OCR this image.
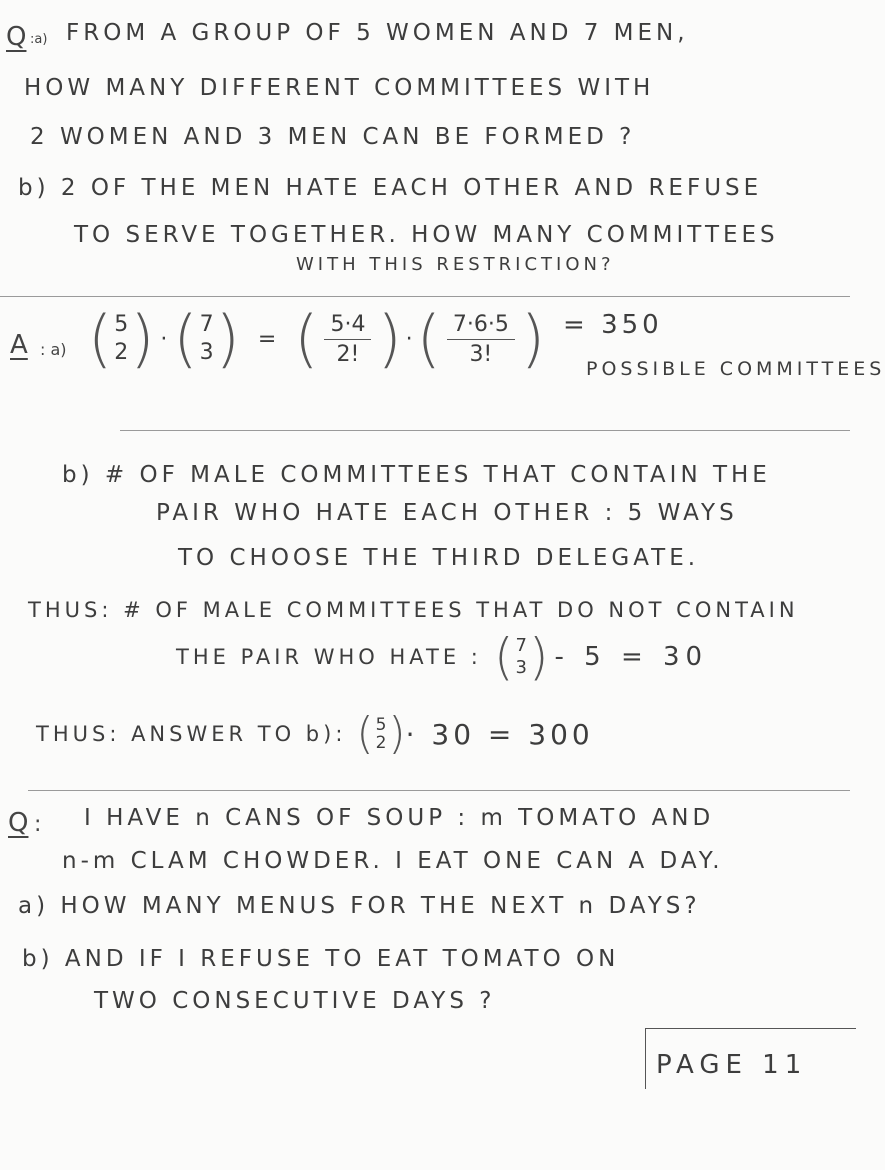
Q :a) FROM A GROUP OF 5 WOMEN AND 7 MEN,
HOW MANY DIFFERENT COMMITTEES WITH
2 WOMEN AND 3 MEN CAN BE FORMED ?
b) 2 OF THE MEN HATE EACH OTHER AND REFUSE
TO SERVE TOGETHER. HOW MANY COMMITTEES
WITH THIS RESTRICTION?
A : a) ( 5
2 ) · ( 7
3 ) = ( $\frac{5\cdot 4}{2!}$ ) · ( $\frac{7\cdot 6\cdot 5}{3!}$ ) = 350
POSSIBLE COMMITTEES
b) # OF MALE COMMITTEES THAT CONTAIN THE
PAIR WHO HATE EACH OTHER : 5 WAYS
TO CHOOSE THE THIRD DELEGATE.
THUS: # OF MALE COMMITTEES THAT DO NOT CONTAIN
THE PAIR WHO HATE : ( 7
3 ) - 5 = 30
THUS: ANSWER TO b): ( 5
2 ) · 30 = 300
Q : I HAVE n CANS OF SOUP : m TOMATO AND
n-m CLAM CHOWDER. I EAT ONE CAN A DAY.
a) HOW MANY MENUS FOR THE NEXT n DAYS?
b) AND IF I REFUSE TO EAT TOMATO ON
TWO CONSECUTIVE DAYS ?
PAGE 11
